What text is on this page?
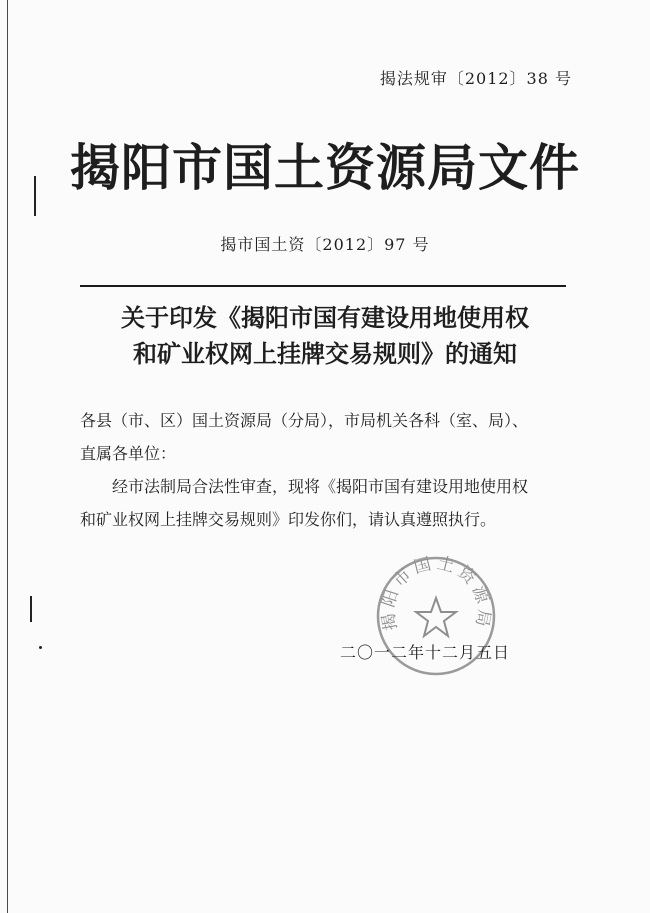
揭法规审〔2012〕38 号
揭阳市国土资源局文件
揭市国土资〔2012〕97 号
关于印发《揭阳市国有建设用地使用权
和矿业权网上挂牌交易规则》的通知

各县（市、区）国土资源局（分局），市局机关各科（室、局）、

直属各单位：

经市法制局合法性审查，现将《揭阳市国有建设用地使用权

和矿业权网上挂牌交易规则》印发你们，请认真遵照执行。

揭阳市国土资源局
二〇一二年十二月五日
